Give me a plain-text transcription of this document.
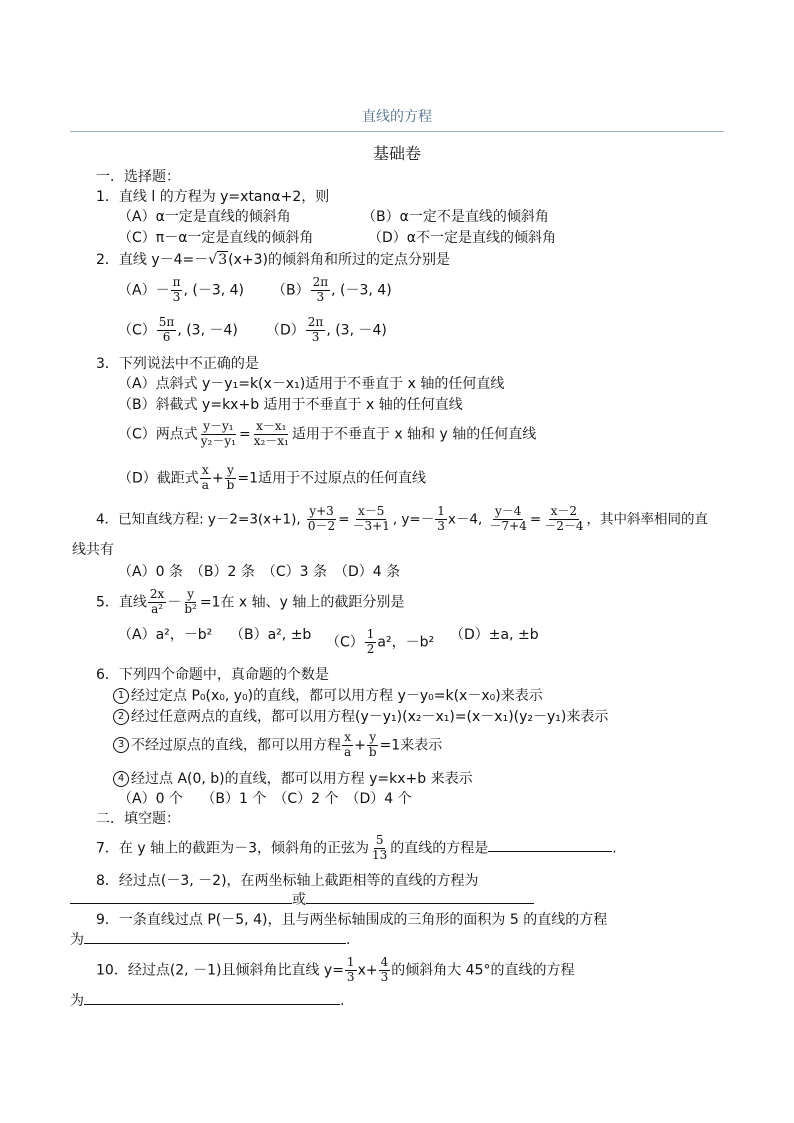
直线的方程
基础卷
一．选择题：
1．直线 l 的方程为 y=xtanα+2，则
（A）α一定是直线的倾斜角	（B）α一定不是直线的倾斜角
（C）π－α一定是直线的倾斜角	（D）α不一定是直线的倾斜角
2．直线 y－4=－√3(x+3)的倾斜角和所过的定点分别是
$(A)- \frac{\pi}{3}$ , (－3, 4) $(B) \frac{2\pi}{3}$ , (－3, 4)
$(C) \frac{5\pi}{6}$ , (3, －4) $(D) \frac{2\pi}{3}$ , (3, －4)
3．下列说法中不正确的是
（A）点斜式 y－y₁=k(x－x₁)适用于不垂直于 x 轴的任何直线
（B）斜截式 y=kx+b 适用于不垂直于 x 轴的任何直线
（C）两点式 $\frac{\text{y－y₁}}{\text{y₂－y₁}} = \frac{\text{x－x₁}}{\text{x₂－x₁}}$ 适用于不垂直于 x 轴和 y 轴的任何直线
（D）截距式 $\frac{x}{a} + \frac{y}{b} =1$适用于不过原点的任何直线
4．已知直线方程: y－2=3(x+1), $\frac{y+3}{0-2} = \frac{x-5}{-3+1}$ , $y=- \frac{1}{3} x-4$, $\frac{y-4}{-7+4} = \frac{x-2}{-2-4}$ ，其中斜率相同的直
线共有
（A）0 条　（B）2 条　（C）3 条　（D）4 条
5．直线 $\frac{2x}{\text{a²}} - \frac{y}{\text{b²}} =1$在 x 轴、y 轴上的截距分别是
（A）a²，－b² （B）a², ±b $(C) \frac{1}{2} a^2$，－b² （D）±a, ±b
6．下列四个命题中，真命题的个数是
1 经过定点 P₀(x₀, y₀)的直线，都可以用方程 y－y₀=k(x－x₀)来表示
2 经过任意两点的直线，都可以用方程(y－y₁)(x₂－x₁)=(x－x₁)(y₂－y₁)来表示
3 不经过原点的直线，都可以用方程 $\frac{x}{a} + \frac{y}{b} =1$来表示
4 经过点 A(0, b)的直线，都可以用方程 y=kx+b 来表示
（A）0 个　 （B）1 个　（C）2 个　（D）4 个
二．填空题：
7．在 y 轴上的截距为－3，倾斜角的正弦为 $\frac{5}{13}$ 的直线的方程是	.
8．经过点(－3, －2)，在两坐标轴上截距相等的直线的方程为
或
9．一条直线过点 P(－5, 4)，且与两坐标轴围成的三角形的面积为 5 的直线的方程
为	.
10．经过点(2, －1)且倾斜角比直线 $y= \frac{1}{3} x+ \frac{4}{3}$ 的倾斜角大 45°的直线的方程
为	.
